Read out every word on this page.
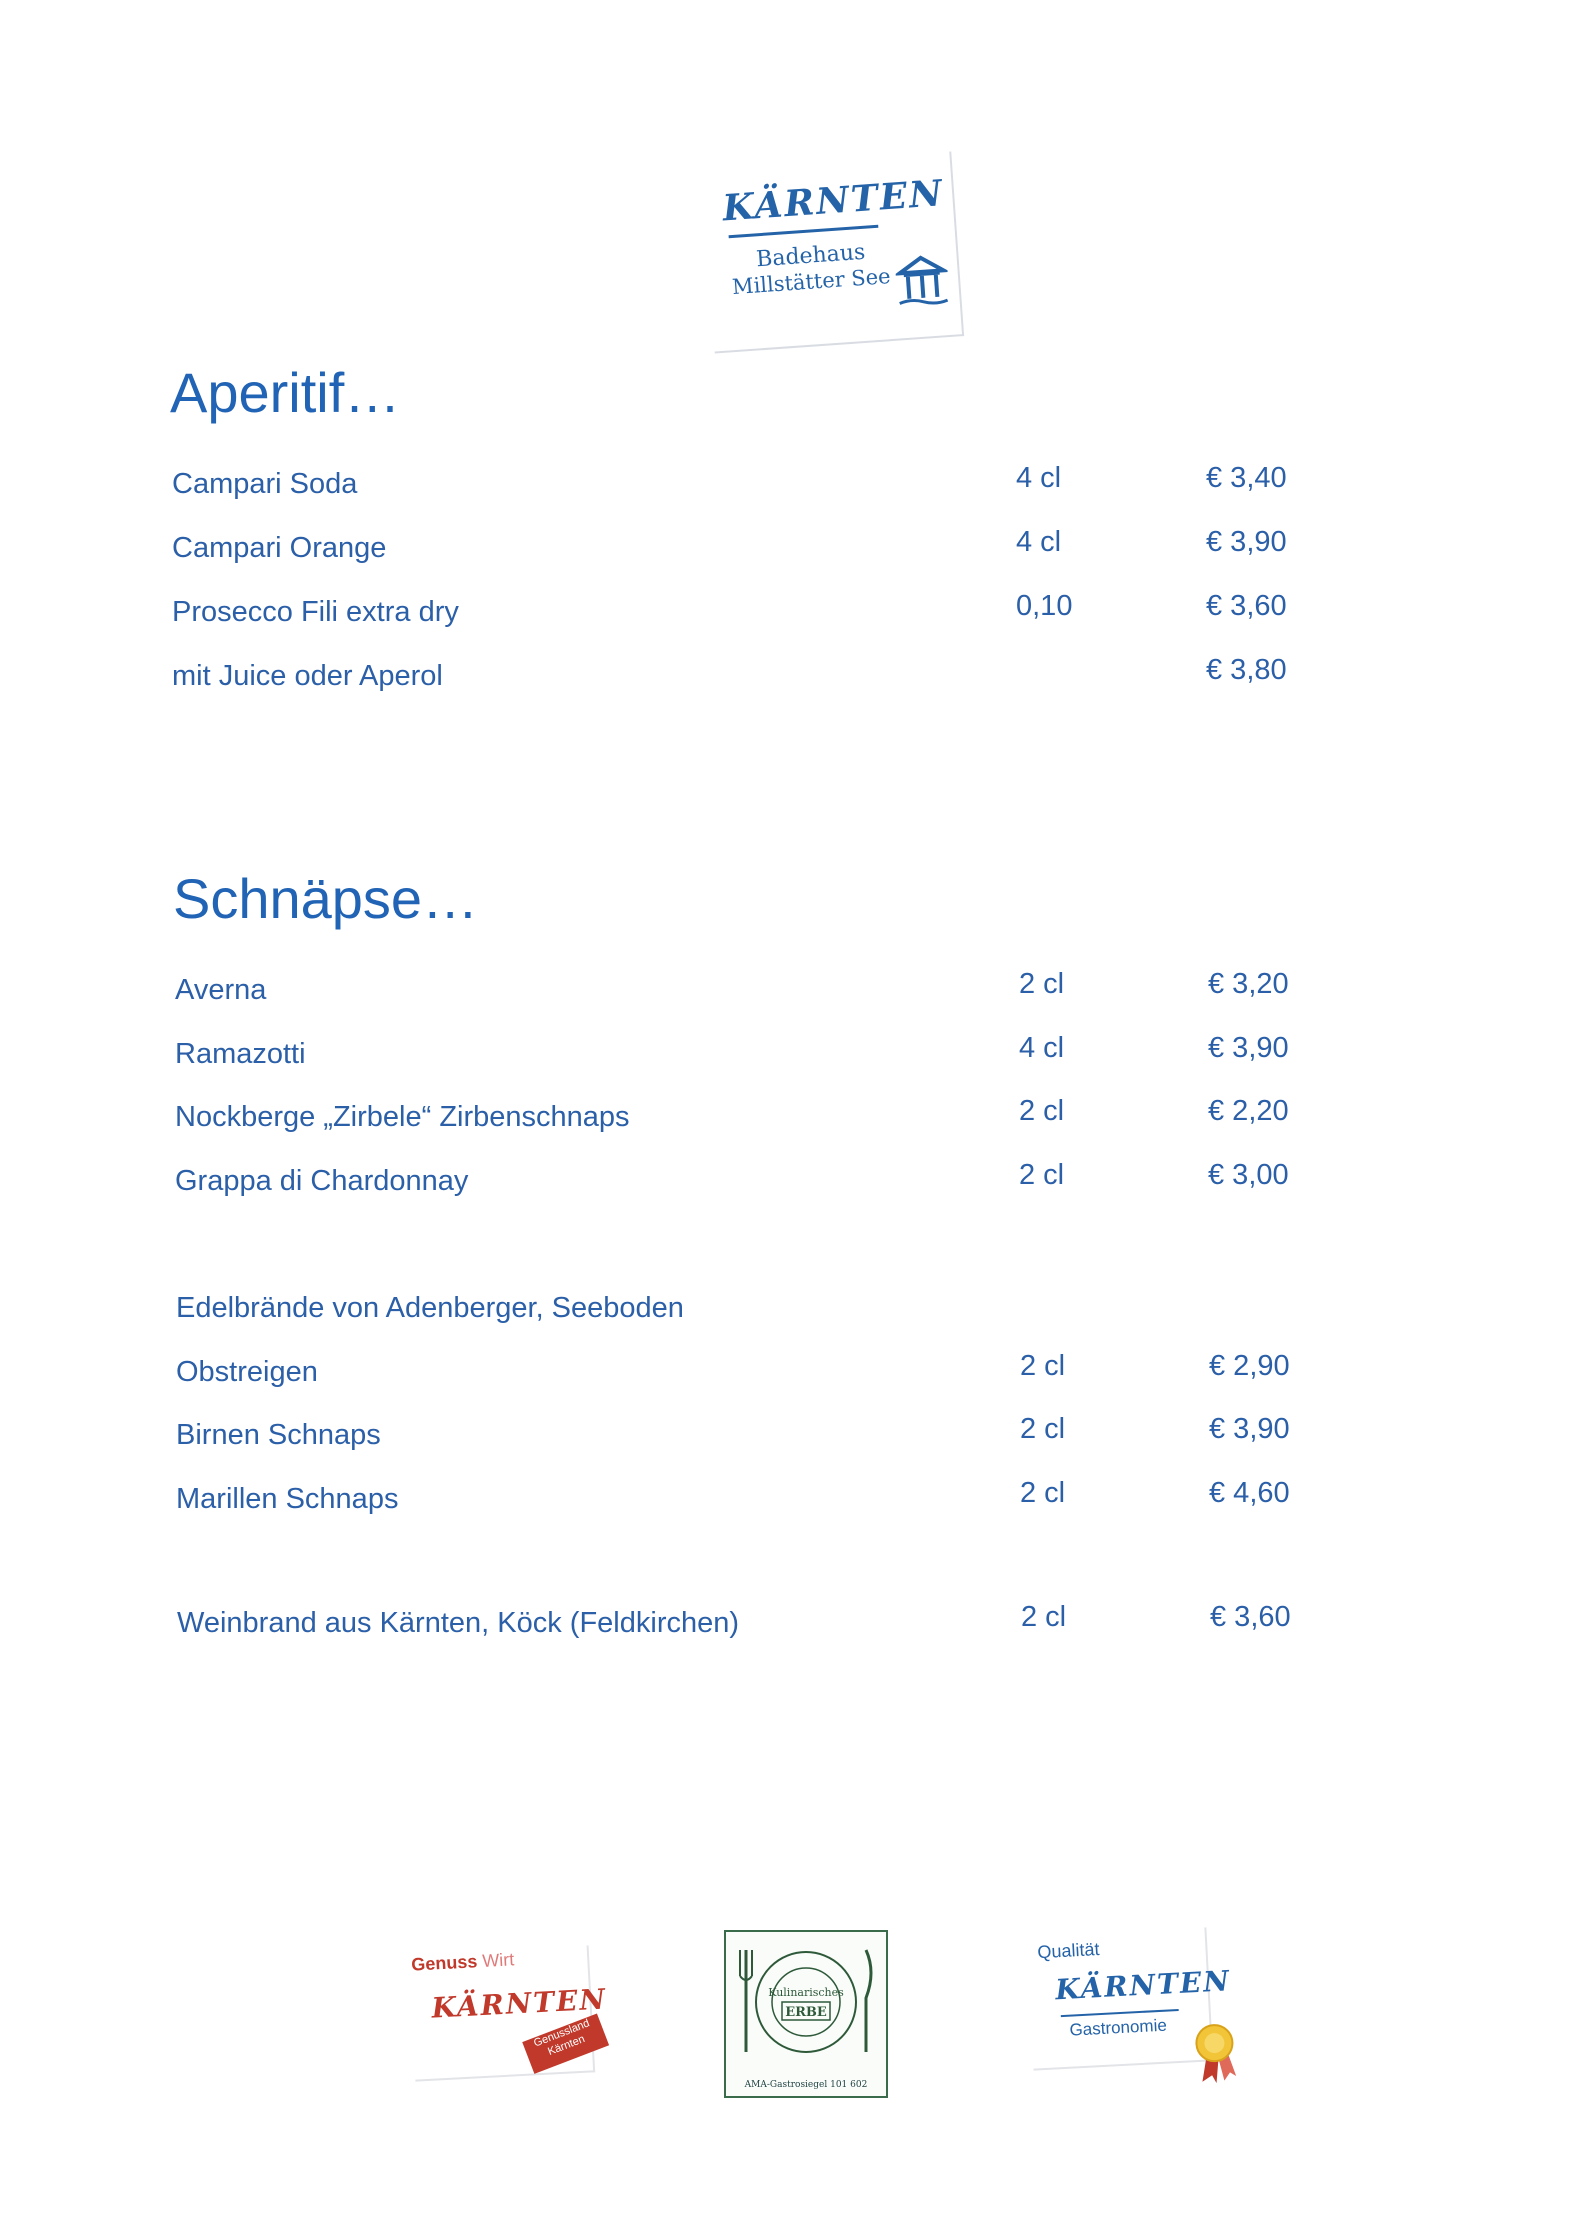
KÄRNTEN
Badehaus
Millstätter See
Aperitif…
Campari Soda	4 cl	€ 3,40
Campari Orange	4 cl	€ 3,90
Prosecco Fili extra dry	0,10	€ 3,60
mit Juice oder Aperol	€ 3,80
Schnäpse…
Averna	2 cl	€ 3,20
Ramazotti	4 cl	€ 3,90
Nockberge „Zirbele“ Zirbenschnaps	2 cl	€ 2,20
Grappa di Chardonnay	2 cl	€ 3,00
Edelbrände von Adenberger, Seeboden
Obstreigen	2 cl	€ 2,90
Birnen Schnaps	2 cl	€ 3,90
Marillen Schnaps	2 cl	€ 4,60
Weinbrand aus Kärnten, Köck (Feldkirchen)	2 cl	€ 3,60
Genuss Wirt
KÄRNTEN
Genussland Kärnten
Kulinarisches
ERBE
AMA-Gastrosiegel 101 602
Qualität
KÄRNTEN
Gastronomie
